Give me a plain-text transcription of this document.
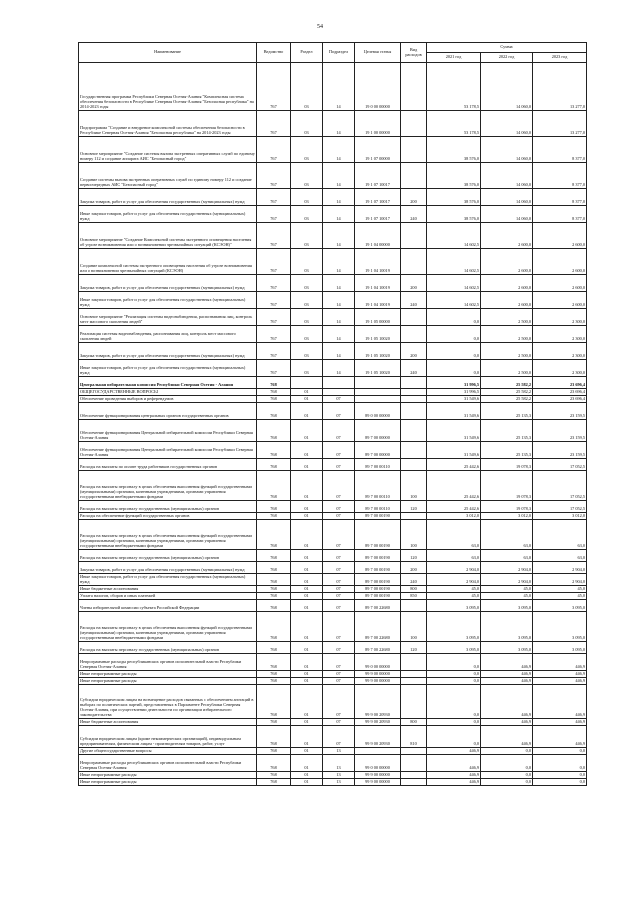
54
Наименование	Ведомство	Раздел	Подраздел	Целевая статья	Вид расходов	Сумма		
						2021 год	2022 год	2023 год
Государственная программа Республики Северная Осетия-Алания "Комплексная система обеспечения безопасности в Республике Северная Осетия-Алания "Безопасная республика" на 2014-2023 годы	767	03	14	19 0 00 00000		53 178,5	14 060,0	13 277,0
Подпрограмма "Создание и внедрение комплексной системы обеспечения безопасности в Республике Северная Осетия-Алания "Безопасная республика" на 2014-2023 годы	767	03	14	19 1 00 00000		53 178,5	14 060,0	13 277,0
Основное мероприятие "Создание системы вызова экстренных оперативных служб по единому номеру 112 и создание аппарата АИС "Безопасный город"	767	03	14	19 1 07 00000		38 576,0	14 060,0	8 377,0
Создание системы вызова экстренных оперативных служб по единому номеру 112 и создание первоочередных АИС "Безопасный город"	767	03	14	19 1 07 10017		38 576,0	14 060,0	8 377,0
Закупка товаров, работ и услуг для обеспечения государственных (муниципальных) нужд	767	03	14	19 1 07 10017	200	38 576,0	14 060,0	8 377,0
Иные закупки товаров, работ и услуг для обеспечения государственных (муниципальных) нужд	767	03	14	19 1 07 10017	240	38 576,0	14 060,0	8 377,0
Основное мероприятие "Создание Комплексной системы экстренного оповещения населения об угрозе возникновения или о возникновении чрезвычайных ситуаций (КСЭОН)"	767	03	14	19 1 04 00000		14 602,5	2 600,0	2 600,0
Создание комплексной системы экстренного оповещения населения об угрозе возникновения или о возникновении чрезвычайных ситуаций (КСЭОН)	767	03	14	19 1 04 10019		14 602,5	2 600,0	2 600,0
Закупка товаров, работ и услуг для обеспечения государственных (муниципальных) нужд	767	03	14	19 1 04 10019	200	14 602,5	2 600,0	2 600,0
Иные закупки товаров, работ и услуг для обеспечения государственных (муниципальных) нужд	767	03	14	19 1 04 10019	240	14 602,5	2 600,0	2 600,0
Основное мероприятие "Реализация системы видеонаблюдения, распознавания лиц, контроль мест массового скопления людей"	767	03	14	19 1 05 00000		0,0	2 500,0	2 300,0
Реализация системы видеонаблюдения, распознавания лиц, контроль мест массового скопления людей	767	03	14	19 1 05 10020		0,0	2 500,0	2 300,0
Закупка товаров, работ и услуг для обеспечения государственных (муниципальных) нужд	767	03	14	19 1 05 10020	200	0,0	2 500,0	2 300,0
Иные закупки товаров, работ и услуг для обеспечения государственных (муниципальных) нужд	767	03	14	19 1 05 10020	240	0,0	2 500,0	2 300,0
Центральная избирательная комиссия Республики Северная Осетия - Алания	768					31 996,5	25 582,2	23 696,4
ОБЩЕГОСУДАРСТВЕННЫЕ ВОПРОСЫ	768	01				31 996,5	25 582,2	23 696,4
Обеспечение проведения выборов и референдумов	768	01	07			31 549,6	25 582,2	23 696,4
Обеспечение функционирования центральных органов государственных органов	768	01	07	89 0 00 00000		31 549,6	25 135,3	23 159,5
Обеспечение функционирования Центральной избирательной комиссии Республики Северная Осетия-Алания	768	01	07	89 7 00 00000		31 549,6	25 135,3	23 159,5
Обеспечение функционирования Центральной избирательной комиссии Республики Северная Осетия-Алания	768	01	07	89 7 00 00000		31 549,6	25 135,3	23 159,5
Расходы на выплаты по оплате труда работников государственных органов	768	01	07	89 7 00 00110		25 442,6	19 078,3	17 052,5
Расходы на выплаты персоналу в целях обеспечения выполнения функций государственными (муниципальными) органами, казенными учреждениями, органами управления государственными внебюджетными фондами	768	01	07	89 7 00 00110	100	25 442,6	19 078,3	17 052,5
Расходы на выплаты персоналу государственных (муниципальных) органов	768	01	07	89 7 00 00110	120	25 442,6	19 078,3	17 052,5
Расходы на обеспечение функций государственных органов	768	01	07	89 7 00 00190		3 012,0	3 012,0	3 012,0
Расходы на выплаты персоналу в целях обеспечения выполнения функций государственными (муниципальными) органами, казенными учреждениями, органами управления государственными внебюджетными фондами	768	01	07	89 7 00 00190	100	63,0	63,0	63,0
Расходы на выплаты персоналу государственных (муниципальных) органов	768	01	07	89 7 00 00190	120	63,0	63,0	63,0
Закупка товаров, работ и услуг для обеспечения государственных (муниципальных) нужд	768	01	07	89 7 00 00190	200	2 904,0	2 904,0	2 904,0
Иные закупки товаров, работ и услуг для обеспечения государственных (муниципальных) нужд	768	01	07	89 7 00 00190	240	2 904,0	2 904,0	2 904,0
Иные бюджетные ассигнования	768	01	07	89 7 00 00190	800	45,0	45,0	45,0
Уплата налогов, сборов и иных платежей	768	01	07	89 7 00 00190	850	45,0	45,0	45,0
Члены избирательной комиссии субъекта Российской Федерации	768	01	07	89 7 00 22680		3 095,0	3 095,0	3 095,0
Расходы на выплаты персоналу в целях обеспечения выполнения функций государственными (муниципальными) органами, казенными учреждениями, органами управления государственными внебюджетными фондами	768	01	07	89 7 00 22680	100	3 095,0	3 095,0	3 095,0
Расходы на выплаты персоналу государственных (муниципальных) органов	768	01	07	89 7 00 22680	120	3 095,0	3 095,0	3 095,0
Непрограммные расходы республиканских органов исполнительной власти Республики Северная Осетия-Алания	768	01	07	99 0 00 00000		0,0	446,9	446,9
Иные непрограммные расходы	768	01	07	99 9 00 00000		0,0	446,9	446,9
Иные непрограммные расходы	768	01	07	99 9 00 00000		0,0	446,9	446,9
Субсидии юридическим лицам на возмещение расходов связанных с обеспечением агитаций в выборах по политических партий, представленных в Парламенте Республики Северная Осетия-Алания, при осуществлении деятельности по организации избирательного законодательства	768	01	07	99 9 00 20930		0,0	446,9	446,9
Иные бюджетные ассигнования	768	01	07	99 9 00 20930	800	0,0	446,9	446,9
Субсидии юридическим лицам (кроме некоммерческих организаций), индивидуальным предпринимателям, физическим лицам - производителям товаров, работ, услуг	768	01	07	99 9 00 20930	810	0,0	446,9	446,9
Другие общегосударственные вопросы	768	01	13			446,9	0,0	0,0
Непрограммные расходы республиканских органов исполнительной власти Республики Северная Осетия-Алания	768	01	13	99 0 00 00000		446,9	0,0	0,0
Иные непрограммные расходы	768	01	13	99 9 00 00000		446,9	0,0	0,0
Иные непрограммные расходы	768	01	13	99 9 00 00000		446,9	0,0	0,0
